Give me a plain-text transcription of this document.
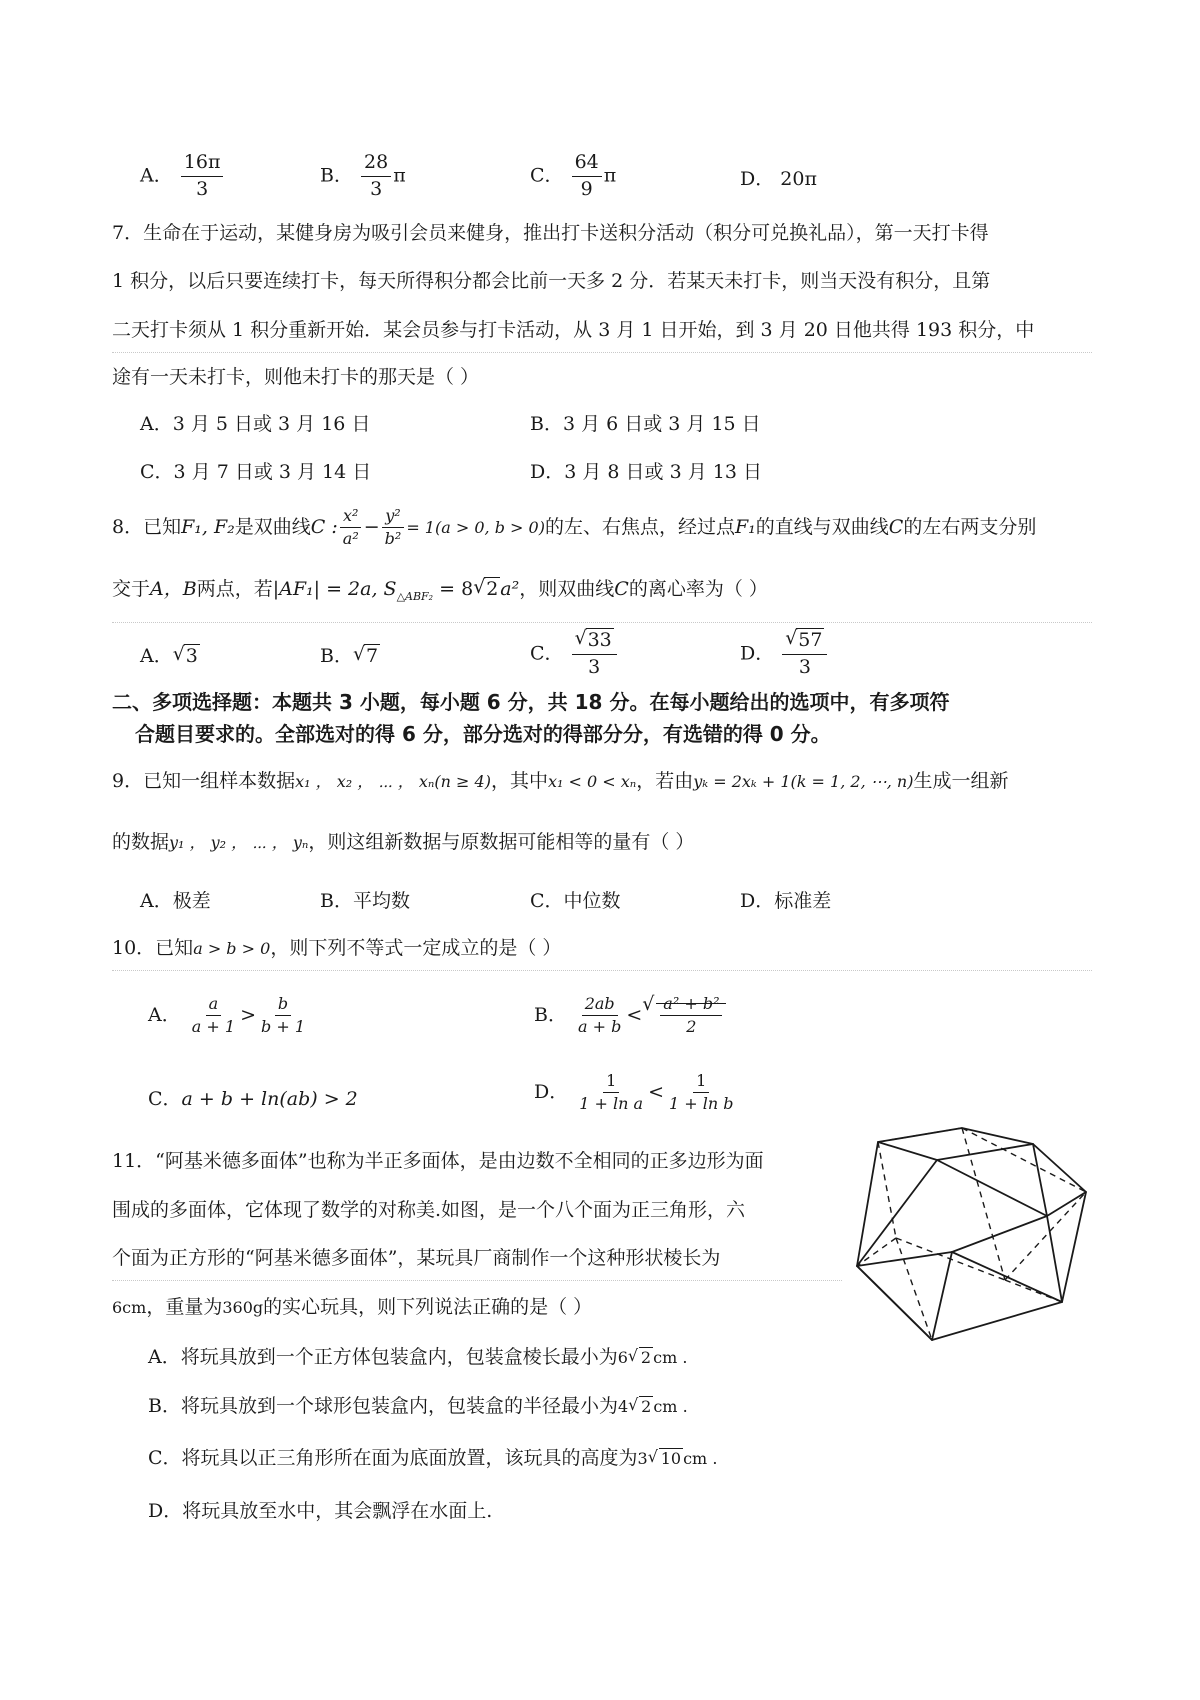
A． $\frac{16\pi}{3}$	B． $\frac{28}{3}$ π	C． $\frac{64}{9}$ π	D． 20π
7．生命在于运动，某健身房为吸引会员来健身，推出打卡送积分活动（积分可兑换礼品），第一天打卡得
1 积分，以后只要连续打卡，每天所得积分都会比前一天多 2 分．若某天未打卡，则当天没有积分，且第
二天打卡须从 1 积分重新开始．某会员参与打卡活动，从 3 月 1 日开始，到 3 月 20 日他共得 193 积分，中
途有一天未打卡，则他未打卡的那天是（ ）
A．3 月 5 日或 3 月 16 日	B．3 月 6 日或 3 月 15 日
C．3 月 7 日或 3 月 14 日	D．3 月 8 日或 3 月 13 日
8．已知F₁, F₂是双曲线C : $\frac{\text{x²}}{\text{a²}} - \frac{\text{y²}}{\text{b²}} = 1(a > 0$, b > 0)的左、右焦点，经过点F₁的直线与双曲线C的左右两支分别
交于A，B两点，若|AF₁| = 2a, $S_{\triangle ABF_2} = 8√$ 2 a²，则双曲线C的离心率为（ ）
A．√ 3	B．√ 7	C．
√ $\frac{33}{3}$	D．
√ $\frac{57}{3}$
二、多项选择题：本题共 3 小题，每小题 6 分，共 18 分。在每小题给出的选项中，有多项符
合题目要求的。全部选对的得 6 分，部分选对的得部分分，有选错的得 0 分。
9．已知一组样本数据x₁ ， x₂ ， ⋯ ， xₙ(n ≥ 4)，其中x₁ < 0 < xₙ，若由yₖ = 2xₖ + 1(k = 1, 2, ⋯, n)生成一组新
的数据y₁ ， y₂ ， ⋯ ， yₙ，则这组新数据与原数据可能相等的量有（ ）
A．极差	B．平均数	C．中位数	D．标准差
10．已知a > b > 0，则下列不等式一定成立的是（ ）
A． $\frac{a}{a + 1} > \frac{b}{b + 1}$	B． $\frac{2ab}{a + b}$ <
√ $\frac{\text{a² + b²}}{2}$
C．a + b + ln(ab) > 2	D． $\frac{1}{\text{1 + ln a}} < \frac{1}{\text{1 + ln b}}$
11．“阿基米德多面体”也称为半正多面体，是由边数不全相同的正多边形为面
围成的多面体，它体现了数学的对称美.如图，是一个八个面为正三角形，六
个面为正方形的“阿基米德多面体”，某玩具厂商制作一个这种形状棱长为
6cm，重量为360g的实心玩具，则下列说法正确的是（ ）
A．将玩具放到一个正方体包装盒内，包装盒棱长最小为6√ 2 cm .
B．将玩具放到一个球形包装盒内，包装盒的半径最小为4√ 2 cm .
C．将玩具以正三角形所在面为底面放置，该玩具的高度为3√ 10 cm .
D．将玩具放至水中，其会飘浮在水面上.
